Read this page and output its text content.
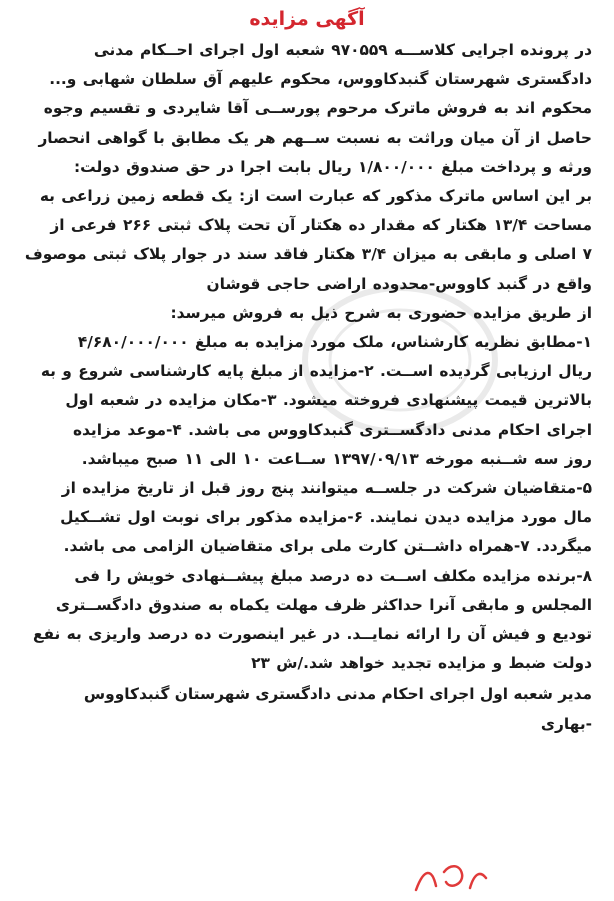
آگهی مزایده
در پرونده اجرایی کلاســـه ۹۷۰۵۵۹ شعبه اول اجرای احــکام مدنی
دادگستری شهرستان گنبدکاووس، محکوم علیهم آق سلطان شهابی و...
محکوم اند به فروش ماترک مرحوم پورســی آقا شایردی و تقسیم وجوه
حاصل از آن میان وراثت به نسبت ســهم هر یک مطابق با گواهی انحصار
ورثه و پرداخت مبلغ ۱/۸۰۰/۰۰۰ ریال بابت اجرا در حق صندوق دولت:
بر این اساس ماترک مذکور که عبارت است از: یک قطعه زمین زراعی به
مساحت ۱۳/۴ هکتار که مقدار ده هکتار آن تحت پلاک ثبتی ۲۶۶ فرعی از
۷ اصلی و مابقی به میزان ۳/۴ هکتار فاقد سند در جوار پلاک ثبتی موصوف
واقع در گنبد کاووس-محدوده اراضی حاجی قوشان
از طریق مزایده حضوری به شرح ذیل به فروش میرسد:
۱-مطابق نظریه کارشناس، ملک مورد مزایده به مبلغ ۴/۶۸۰/۰۰۰/۰۰۰
ریال ارزیابی گردیده اســت. ۲-مزایده از مبلغ پایه کارشناسی شروع و به
بالاترین قیمت پیشنهادی فروخته میشود. ۳-مکان مزایده در شعبه اول
اجرای احکام مدنی دادگســتری گنبدکاووس می باشد. ۴-موعد مزایده
روز سه شــنبه مورخه ۱۳۹۷/۰۹/۱۳ ســاعت ۱۰ الی ۱۱ صبح میباشد.
۵-متقاضیان شرکت در جلســه میتوانند پنج روز قبل از تاریخ مزایده از
مال مورد مزایده دیدن نمایند. ۶-مزایده مذکور برای نوبت اول تشــکیل
میگردد. ۷-همراه داشــتن کارت ملی برای متقاضیان الزامی می باشد.
۸-برنده مزایده مکلف اســت ده درصد مبلغ پیشــنهادی خویش را فی
المجلس و مابقی آنرا حداکثر ظرف مهلت یکماه به صندوق دادگســتری
تودیع و فیش آن را ارائه نمایــد. در غیر اینصورت ده درصد واریزی به نفع
دولت ضبط و مزایده تجدید خواهد شد./ش ۲۳
مدیر شعبه اول اجرای احکام مدنی دادگستری شهرستان گنبدکاووس
-بهاری
